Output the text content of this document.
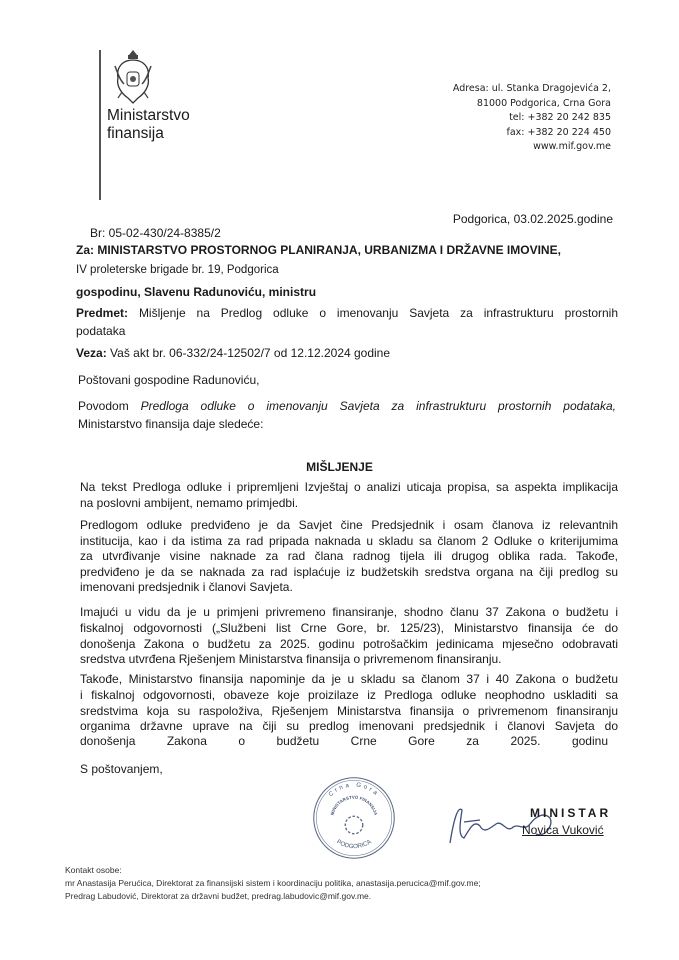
Ministarstvo
finansija
Adresa: ul. Stanka Dragojevića 2,
81000 Podgorica, Crna Gora
tel: +382 20 242 835
fax: +382 20 224 450
www.mif.gov.me
Br: 05-02-430/24-8385/2
Podgorica, 03.02.2025.godine
Za: MINISTARSTVO PROSTORNOG PLANIRANJA, URBANIZMA I DRŽAVNE IMOVINE,
IV proleterske brigade br. 19, Podgorica
gospodinu, Slavenu Radunoviću, ministru
Predmet: Mišljenje na Predlog odluke o imenovanju Savjeta za infrastrukturu prostornih
podataka
Veza: Vaš akt br. 06-332/24-12502/7 od 12.12.2024 godine
Poštovani gospodine Radunoviću,
Povodom Predloga odluke o imenovanju Savjeta za infrastrukturu prostornih podataka,
Ministarstvo finansija daje sledeće:
MIŠLJENJE
Na tekst Predloga odluke i pripremljeni Izvještaj o analizi uticaja propisa, sa aspekta implikacija
na poslovni ambijent, nemamo primjedbi.
Predlogom odluke predviđeno je da Savjet čine Predsjednik i osam članova iz relevantnih
institucija, kao i da istima za rad pripada naknada u skladu sa članom 2 Odluke o kriterijumima
za utvrđivanje visine naknade za rad člana radnog tijela ili drugog oblika rada. Takođe,
predviđeno je da se naknada za rad isplaćuje iz budžetskih sredstva organa na čiji predlog su
imenovani predsjednik i članovi Savjeta.
Imajući u vidu da je u primjeni privremeno finansiranje, shodno članu 37 Zakona o budžetu i
fiskalnoj odgovornosti („Službeni list Crne Gore, br. 125/23), Ministarstvo finansija će do
donošenja Zakona o budžetu za 2025. godinu potrošačkim jedinicama mjesečno odobravati
sredstva utvrđena Rješenjem Ministarstva finansija o privremenom finansiranju.
Takođe, Ministarstvo finansija napominje da je u skladu sa članom 37 i 40 Zakona o budžetu
i fiskalnoj odgovornosti, obaveze koje proizilaze iz Predloga odluke neophodno uskladiti sa
sredstvima koja su raspoloživa, Rješenjem Ministarstva finansija o privremenom finansiranju
organima državne uprave na čiji su predlog imenovani predsjednik i članovi Savjeta do
donošenja Zakona o budžetu Crne Gore za 2025. godinu
S poštovanjem,
Crna Gora
MINISTARSTVO FINANSIJA
PODGORICA
MINISTAR
Novica Vuković
Kontakt osobe:
mr Anastasija Perućica, Direktorat za finansijski sistem i koordinaciju politika, anastasija.perucica@mif.gov.me;
Predrag Labudović, Direktorat za državni budžet, predrag.labudovic@mif.gov.me.
